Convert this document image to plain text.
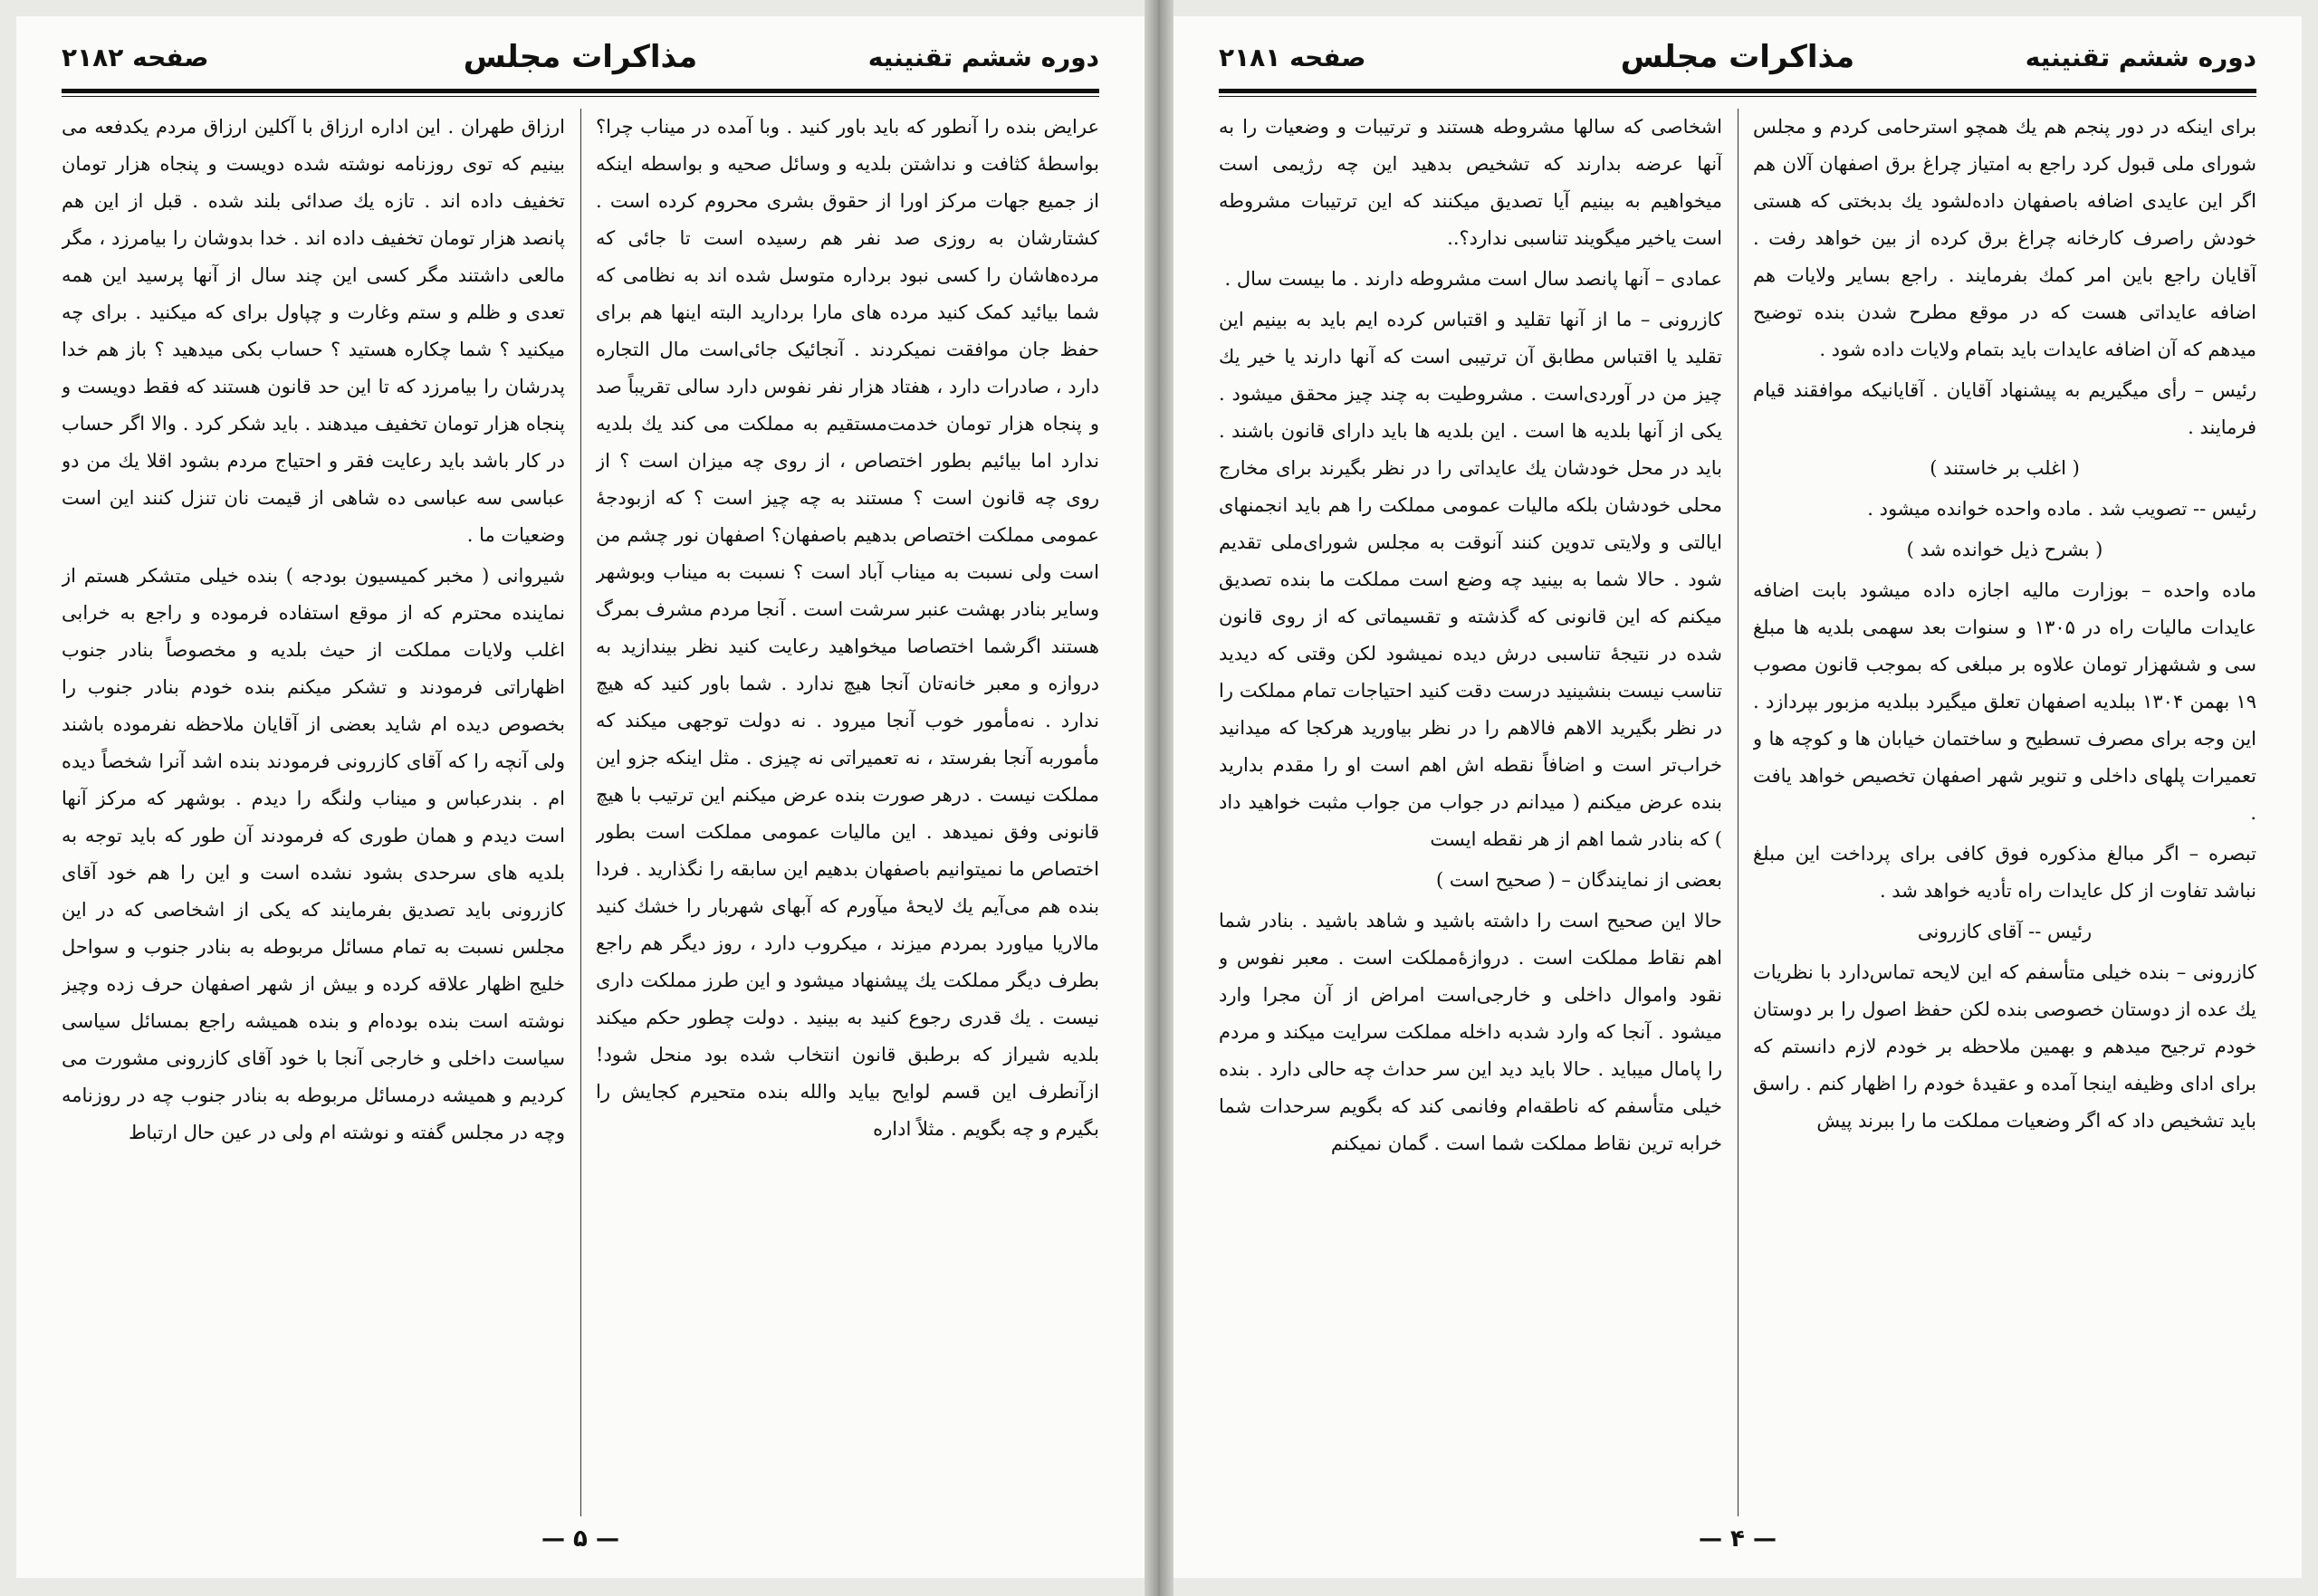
دوره ششم تقنینیه
مذاکرات مجلس
صفحه ۲۱۸۲

عرایض بنده را آنطور که باید باور کنید . وبا آمده در میناب چرا؟ بواسطهٔ کثافت و نداشتن بلدیه و وسائل صحیه و بواسطه اینکه از جمیع جهات مرکز اورا از حقوق بشری محروم کرده است . کشتارشان به روزی صد نفر هم رسیده است تا جائی که مرده‌هاشان را کسی نبود برداره متوسل شده اند به نظامی که شما بیائید کمک کنید مرده های مارا بردارید البته اینها هم برای حفظ جان موافقت نمیکردند . آنجائیک جائی‌است مال التجاره دارد ، صادرات دارد ، هفتاد هزار نفر نفوس دارد سالی تقریباً صد و پنجاه هزار تومان خدمت‌مستقیم به مملکت می کند یك بلدیه ندارد اما بیائیم بطور اختصاص ، از روی چه میزان است ؟ از روی چه قانون است ؟ مستند به چه چیز است ؟ که ازبودجهٔ عمومی مملکت اختصاص بدهیم باصفهان؟ اصفهان نور چشم من است ولی نسبت به میناب آباد است ؟ نسبت به میناب وبوشهر وسایر بنادر بهشت عنبر سرشت است . آنجا مردم مشرف بمرگ هستند اگرشما اختصاصا میخواهید رعایت کنید نظر بیندازید به دروازه و معبر خانه‌تان آنجا هیچ ندارد . شما باور کنید که هیچ ندارد . نه‌مأمور خوب آنجا میرود . نه دولت توجهی میکند که مأموربه آنجا بفرستد ، نه تعمیراتی نه چیزی . مثل اینکه جزو این مملکت نیست . درهر صورت بنده عرض میکنم این ترتیب با هیچ قانونی وفق نمیدهد . این مالیات عمومی مملکت است بطور اختصاص ما نمیتوانیم باصفهان بدهیم این سابقه را نگذارید . فردا بنده هم می‌آیم یك لایحهٔ میآورم که آبهای شهربار را خشك کنید مالاریا میاورد بمردم میزند ، میکروب دارد ، روز دیگر هم راجع بطرف دیگر مملکت یك پیشنهاد میشود و این طرز مملکت داری نیست . یك قدری رجوع کنید به بینید . دولت چطور حکم میکند بلدیه شیراز که برطبق قانون انتخاب شده بود منحل شود! ازآنطرف این قسم لوایح بیاید والله بنده متحیرم کجایش را بگیرم و چه بگویم . مثلاً اداره

ارزاق طهران . این اداره ارزاق با آکلین ارزاق مردم یکدفعه می بینیم که توی روزنامه نوشته شده دویست و پنجاه هزار تومان تخفیف داده اند . تازه یك صدائی بلند شده . قبل از این هم پانصد هزار تومان تخفیف داده اند . خدا بدوشان را بیامرزد ، مگر مالعی داشتند مگر کسی این چند سال از آنها پرسید این همه تعدی و ظلم و ستم وغارت و چپاول برای که میکنید . برای چه میکنید ؟ شما چکاره هستید ؟ حساب بکی میدهید ؟ باز هم خدا پدرشان را بیامرزد که تا این حد قانون هستند که فقط دویست و پنجاه هزار تومان تخفیف میدهند . باید شکر کرد . والا اگر حساب در کار باشد باید رعایت فقر و احتیاج مردم بشود اقلا یك من دو عباسی سه عباسی ده شاهی از قیمت نان تنزل کنند این است وضعیات ما .

شیروانی ( مخبر کمیسیون بودجه ) بنده خیلی متشکر هستم از نماینده محترم که از موقع استفاده فرموده و راجع به خرابی اغلب ولایات مملکت از حیث بلدیه و مخصوصاً بنادر جنوب اظهاراتی فرمودند و تشکر میکنم بنده خودم بنادر جنوب را بخصوص دیده ام شاید بعضی از آقایان ملاحظه نفرموده باشند ولی آنچه را که آقای کازرونی فرمودند بنده اشد آنرا شخصاً دیده ام . بندرعباس و میناب ولنگه را دیدم . بوشهر که مرکز آنها است دیدم و همان طوری که فرمودند آن طور که باید توجه به بلدیه های سرحدی بشود نشده است و این را هم خود آقای کازرونی باید تصدیق بفرمایند که یکی از اشخاصی که در این مجلس نسبت به تمام مسائل مربوطه به بنادر جنوب و سواحل خلیج اظهار علاقه کرده و بیش از شهر اصفهان حرف زده وچیز نوشته است بنده بوده‌ام و بنده همیشه راجع بمسائل سیاسی سیاست داخلی و خارجی آنجا با خود آقای کازرونی مشورت می کردیم و همیشه درمسائل مربوطه به بنادر جنوب چه در روزنامه وچه در مجلس گفته و نوشته ام ولی در عین حال ارتباط

— ۵ —
دوره ششم تقنینیه
مذاکرات مجلس
صفحه ۲۱۸۱

برای اینکه در دور پنجم هم یك همچو استرحامی کردم و مجلس شورای ملی قبول کرد راجع به امتیاز چراغ برق اصفهان آلان هم اگر این عایدی اضافه باصفهان داده‌‌لشود یك بدبختی که هستی خودش راصرف کارخانه چراغ برق کرده از بین خواهد رفت . آقایان راجع باین امر کمك بفرمایند . راجع بسایر ولایات هم اضافه عایداتی هست که در موقع مطرح شدن بنده توضیح میدهم که آن اضافه عایدات باید بتمام ولایات داده شود .

رئیس – رأی میگیریم به پیشنهاد آقایان . آقایانیکه موافقند قیام فرمایند .

( اغلب بر خاستند )

رئیس -- تصویب شد . ماده واحده خوانده میشود .

( بشرح ذیل خوانده شد )

ماده واحده – بوزارت مالیه اجازه داده میشود بابت اضافه عایدات مالیات راه در ۱۳۰۵ و سنوات بعد سهمی بلدیه ها مبلغ سی و ششهزار تومان علاوه بر مبلغی که بموجب قانون مصوب ۱۹ بهمن ۱۳۰۴ ببلدیه اصفهان تعلق میگیرد ببلدیه مزبور بپردازد . این وجه برای مصرف تسطیح و ساختمان خیابان ها و کوچه ها و تعمیرات پلهای داخلی و تنویر شهر اصفهان تخصیص خواهد یافت .

تبصره – اگر مبالغ مذکوره فوق کافی برای پرداخت این مبلغ نباشد تفاوت از کل عایدات راه تأدیه خواهد شد .

رئیس -- آقای کازرونی

کازرونی – بنده خیلی متأسفم که این لایحه تماس‌دارد با نظریات یك عده از دوستان خصوصی بنده لکن حفظ اصول را بر دوستان خودم ترجیح میدهم و بهمین ملاحظه بر خودم لازم دانستم که برای ادای وظیفه اینجا آمده و عقیدهٔ خودم را اظهار کنم . راسق باید تشخیص داد که اگر وضعیات مملکت ما را ببرند پیش

اشخاصی که سالها مشروطه هستند و ترتیبات و وضعیات را به آنها عرضه بدارند که تشخیص بدهید این چه رژیمی است میخواهیم به بینیم آیا تصدیق میکنند که این ترتیبات مشروطه است یاخیر میگویند تناسبی ندارد؟..

عمادی – آنها پانصد سال است مشروطه دارند . ما بیست سال .

کازرونی – ما از آنها تقلید و اقتباس کرده ایم باید به بینیم این تقلید یا اقتباس مطابق آن ترتیبی است که آنها دارند یا خیر یك چیز من در آوردی‌است . مشروطیت به چند چیز محقق میشود . یکی از آنها بلدیه ها است . این بلدیه ها باید دارای قانون باشند . باید در محل خودشان یك عایداتی را در نظر بگیرند برای مخارج محلی خودشان بلکه مالیات عمومی مملکت را هم باید انجمنهای ایالتی و ولایتی تدوین کنند آنوقت به مجلس شورای‌ملی تقدیم شود . حالا شما به بینید چه وضع است مملکت ما بنده تصدیق میکنم که این قانونی که گذشته و تقسیماتی که از روی قانون شده در نتیجهٔ تناسبی درش دیده نمیشود لکن وقتی که دیدید تناسب نیست بنشینید درست دقت کنید احتیاجات تمام مملکت را در نظر بگیرید الاهم فالاهم را در نظر بیاورید هرکجا که میدانید خراب‌تر است و اضافاً نقطه اش اهم است او را مقدم بدارید بنده عرض میکنم ( میدانم در جواب من جواب مثبت خواهید داد ) که بنادر شما اهم از هر نقطه ایست

بعضی از نمایندگان – ( صحیح است )

حالا این صحیح است را داشته باشید و شاهد باشید . بنادر شما اهم نقاط مملکت است . دروازهٔ‌مملکت است . معبر نفوس و نقود واموال داخلی و خارجی‌است امراض از آن مجرا وارد میشود . آنجا که وارد شدبه داخله مملکت سرایت میکند و مردم را پامال میباید . حالا باید دید این سر حداث چه حالی دارد . بنده خیلی متأسفم که ناطقه‌ام وفانمی کند که بگویم سرحدات شما خرابه ترین نقاط مملکت شما است . گمان نمیکنم

— ۴ —
